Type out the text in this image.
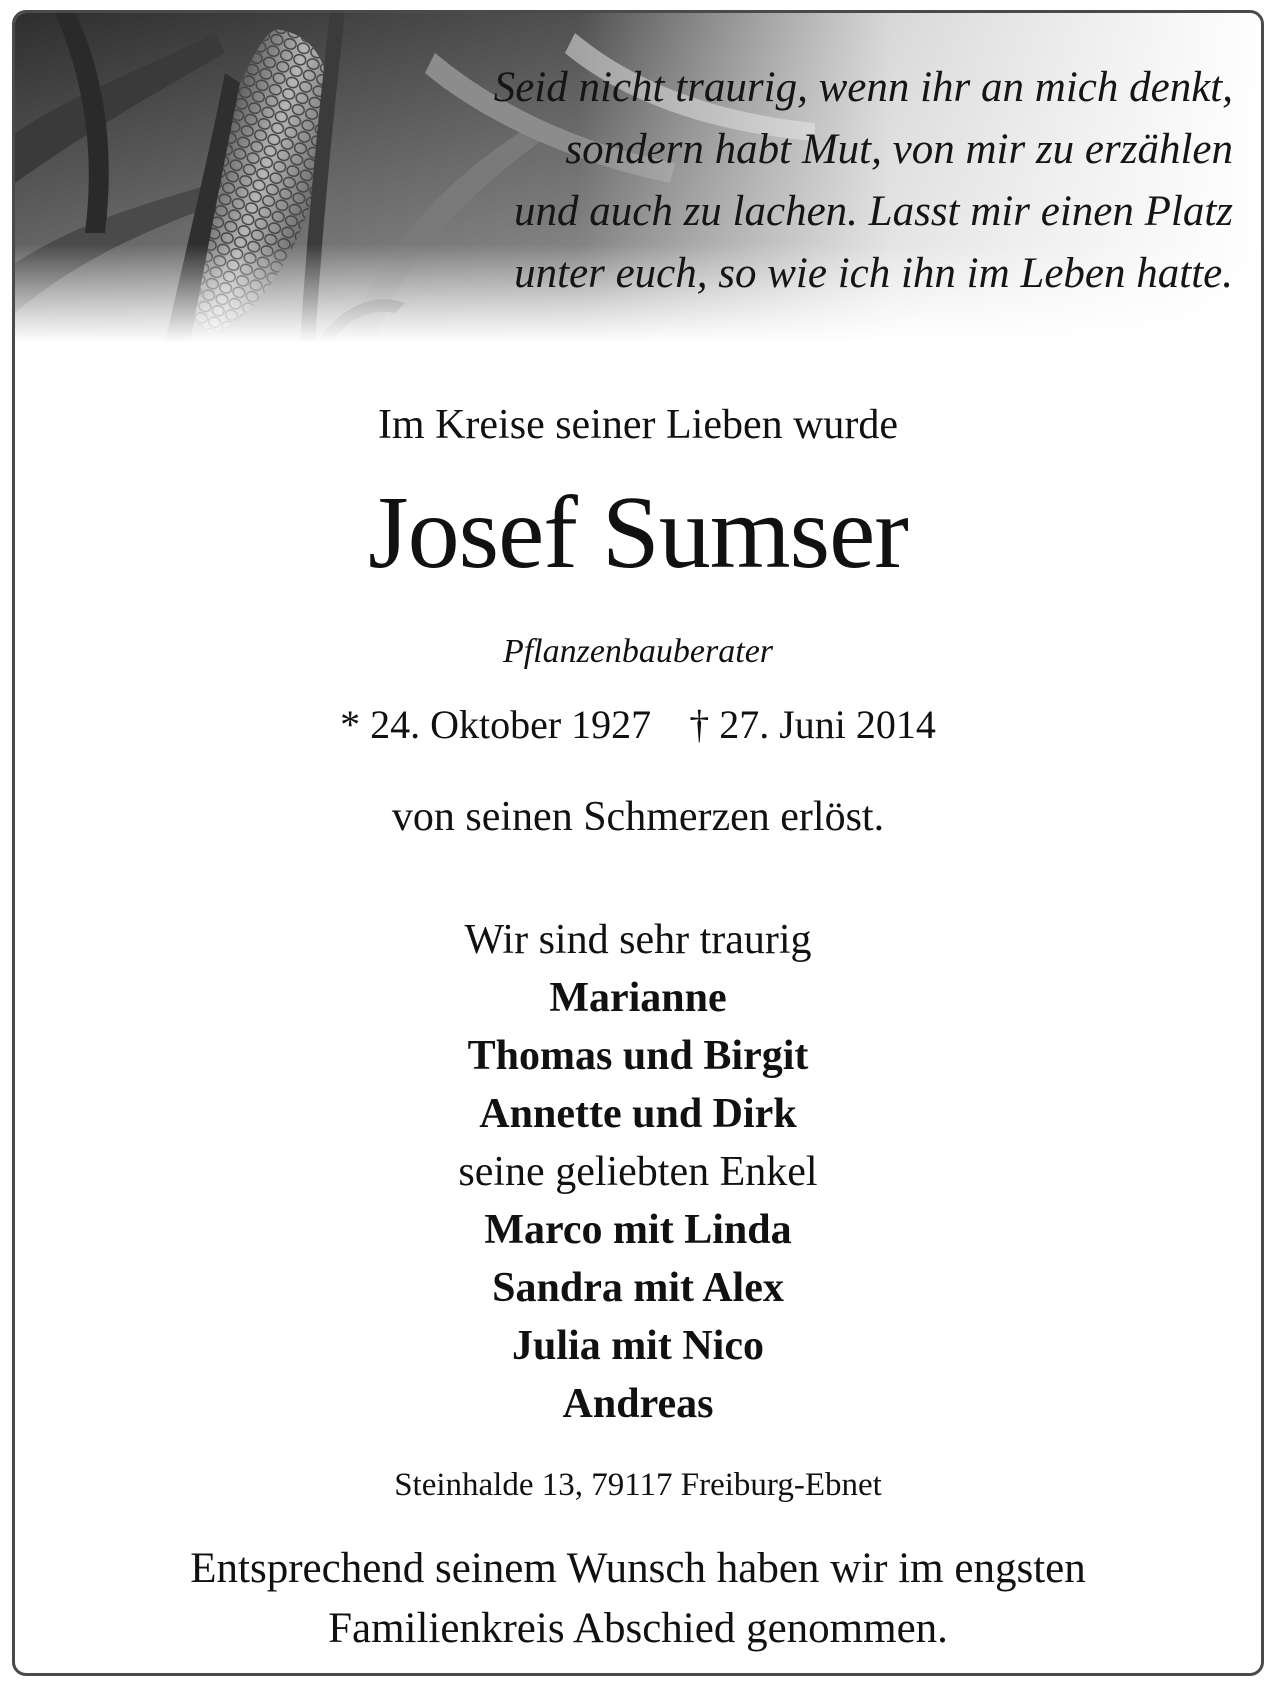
Seid nicht traurig, wenn ihr an mich denkt,
sondern habt Mut, von mir zu erzählen
und auch zu lachen. Lasst mir einen Platz
unter euch, so wie ich ihn im Leben hatte.
Im Kreise seiner Lieben wurde
Josef Sumser
Pflanzenbauberater
* 24. Oktober 1927 † 27. Juni 2014
von seinen Schmerzen erlöst.
Wir sind sehr traurig
Marianne
Thomas und Birgit
Annette und Dirk
seine geliebten Enkel
Marco mit Linda
Sandra mit Alex
Julia mit Nico
Andreas
Steinhalde 13, 79117 Freiburg-Ebnet
Entsprechend seinem Wunsch haben wir im engsten
Familienkreis Abschied genommen.
